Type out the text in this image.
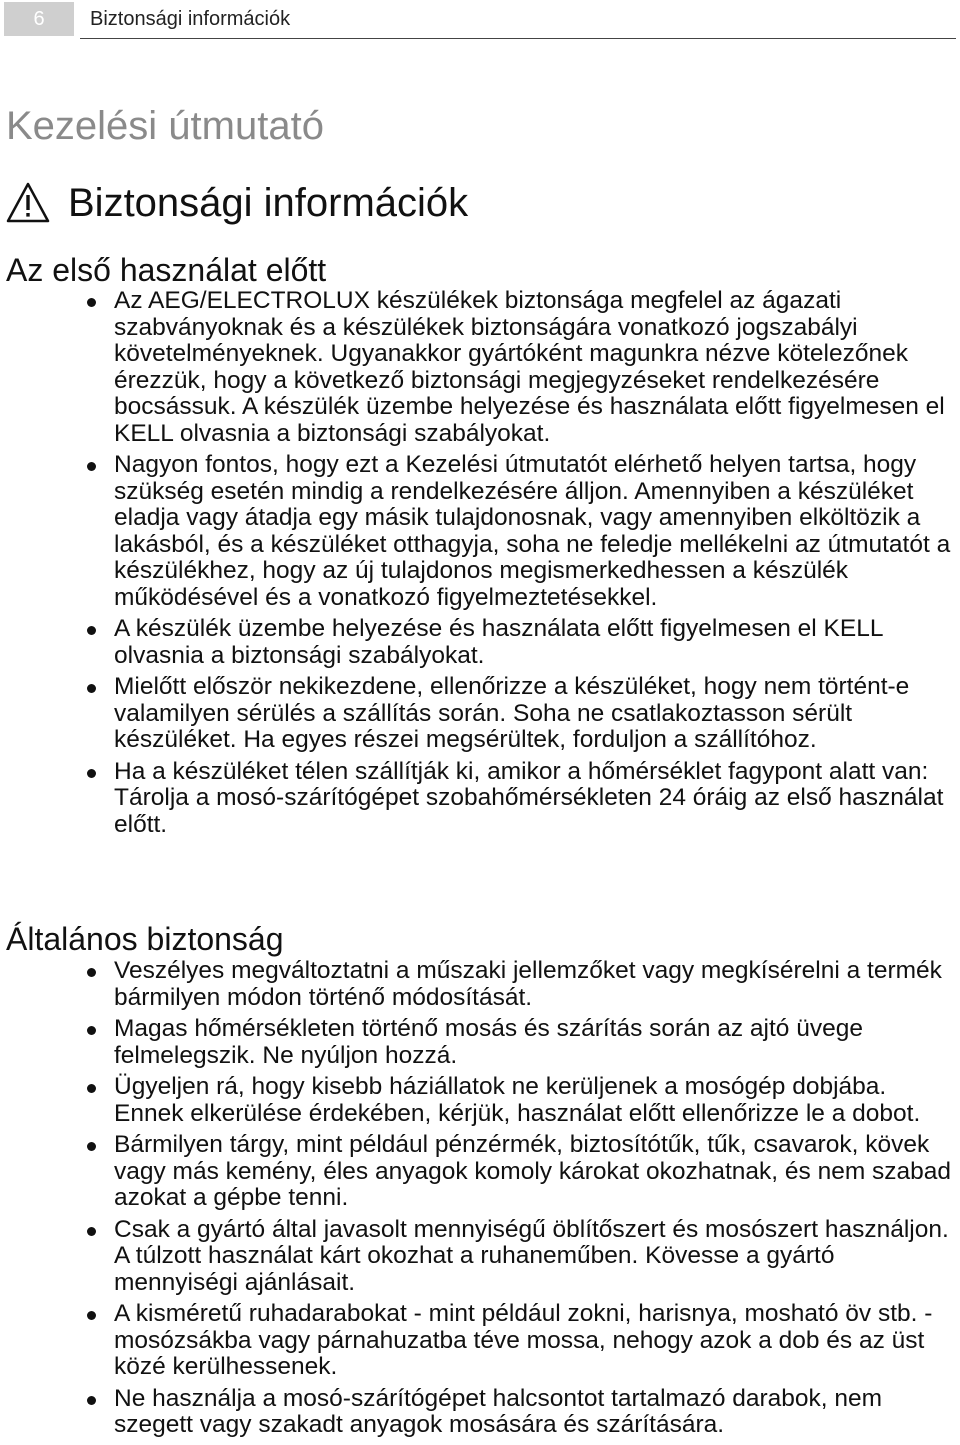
6	Biztonsági információk
Kezelési útmutató
Biztonsági információk
Az első használat előtt
Az AEG/ELECTROLUX készülékek biztonsága megfelel az ágazati szabványoknak és a készülékek biztonságára vonatkozó jogszabályi követelményeknek. Ugyanakkor gyártóként magunkra nézve kötelezőnek érezzük, hogy a következő biztonsági megjegyzéseket rendelkezésére bocsássuk. A készülék üzembe helyezése és használata előtt figyelmesen el KELL olvasnia a biztonsági szabályokat.
Nagyon fontos, hogy ezt a Kezelési útmutatót elérhető helyen tartsa, hogy szükség esetén mindig a rendelkezésére álljon. Amennyiben a készüléket eladja vagy átadja egy másik tulajdonosnak, vagy amennyiben elköltözik a lakásból, és a készüléket otthagyja, soha ne feledje mellékelni az útmutatót a készülékhez, hogy az új tulajdonos megismerkedhessen a készülék működésével és a vonatkozó figyelmeztetésekkel.
A készülék üzembe helyezése és használata előtt figyelmesen el KELL olvasnia a biztonsági szabályokat.
Mielőtt először nekikezdene, ellenőrizze a készüléket, hogy nem történt-e valamilyen sérülés a szállítás során. Soha ne csatlakoztasson sérült készüléket. Ha egyes részei megsérültek, forduljon a szállítóhoz.
Ha a készüléket télen szállítják ki, amikor a hőmérséklet fagypont alatt van: Tárolja a mosó-szárítógépet szobahőmérsékleten 24 óráig az első használat előtt.
Általános biztonság
Veszélyes megváltoztatni a műszaki jellemzőket vagy megkísérelni a termék bármilyen módon történő módosítását.
Magas hőmérsékleten történő mosás és szárítás során az ajtó üvege felmelegszik. Ne nyúljon hozzá.
Ügyeljen rá, hogy kisebb háziállatok ne kerüljenek a mosógép dobjába. Ennek elkerülése érdekében, kérjük, használat előtt ellenőrizze le a dobot.
Bármilyen tárgy, mint például pénzérmék, biztosítótűk, tűk, csavarok, kövek vagy más kemény, éles anyagok komoly károkat okozhatnak, és nem szabad azokat a gépbe tenni.
Csak a gyártó által javasolt mennyiségű öblítőszert és mosószert használjon. A túlzott használat kárt okozhat a ruhaneműben. Kövesse a gyártó mennyiségi ajánlásait.
A kisméretű ruhadarabokat - mint például zokni, harisnya, mosható öv stb. - mosózsákba vagy párnahuzatba téve mossa, nehogy azok a dob és az üst közé kerülhessenek.
Ne használja a mosó-szárítógépet halcsontot tartalmazó darabok, nem szegett vagy szakadt anyagok mosására és szárítására.
